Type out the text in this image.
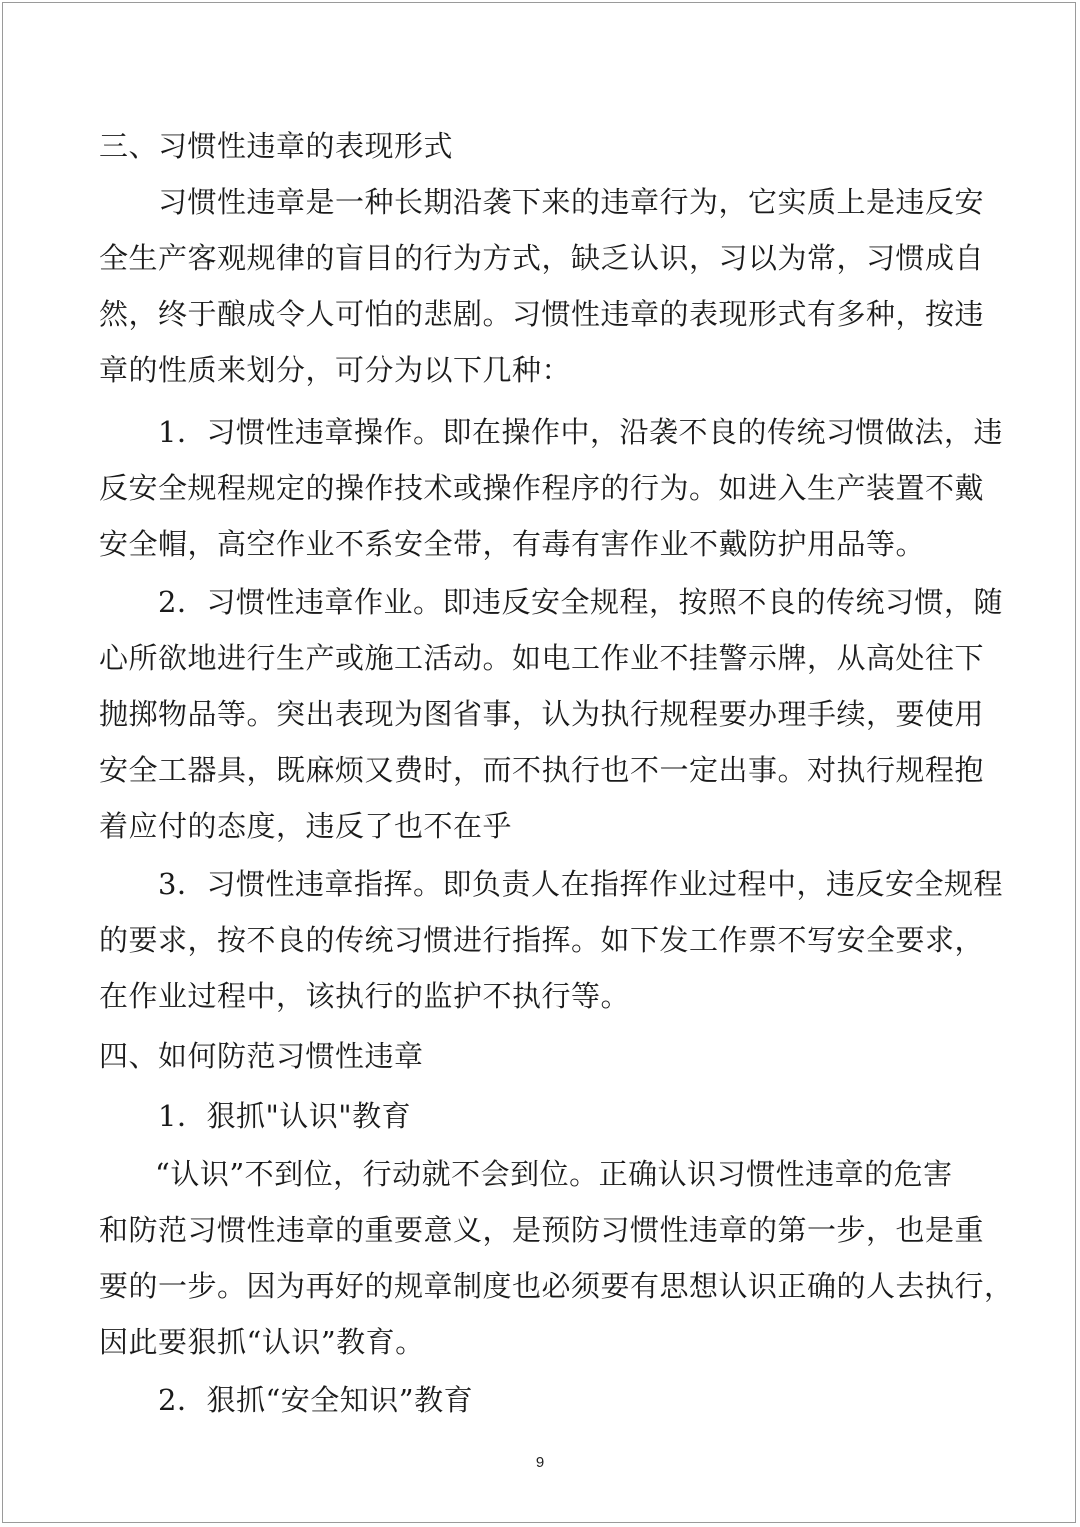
三、习惯性违章的表现形式
习惯性违章是一种长期沿袭下来的违章行为，它实质上是违反安
全生产客观规律的盲目的行为方式，缺乏认识，习以为常，习惯成自
然，终于酿成令人可怕的悲剧。习惯性违章的表现形式有多种，按违
章的性质来划分，可分为以下几种：
1．习惯性违章操作。即在操作中，沿袭不良的传统习惯做法，违
反安全规程规定的操作技术或操作程序的行为。如进入生产装置不戴
安全帽，高空作业不系安全带，有毒有害作业不戴防护用品等。
2．习惯性违章作业。即违反安全规程，按照不良的传统习惯，随
心所欲地进行生产或施工活动。如电工作业不挂警示牌，从高处往下
抛掷物品等。突出表现为图省事，认为执行规程要办理手续，要使用
安全工器具，既麻烦又费时，而不执行也不一定出事。对执行规程抱
着应付的态度，违反了也不在乎
3．习惯性违章指挥。即负责人在指挥作业过程中，违反安全规程
的要求，按不良的传统习惯进行指挥。如下发工作票不写安全要求，
在作业过程中，该执行的监护不执行等。
四、如何防范习惯性违章
1．狠抓"认识"教育
“认识”不到位，行动就不会到位。正确认识习惯性违章的危害
和防范习惯性违章的重要意义，是预防习惯性违章的第一步，也是重
要的一步。因为再好的规章制度也必须要有思想认识正确的人去执行，
因此要狠抓“认识”教育。
2．狠抓“安全知识”教育
9
